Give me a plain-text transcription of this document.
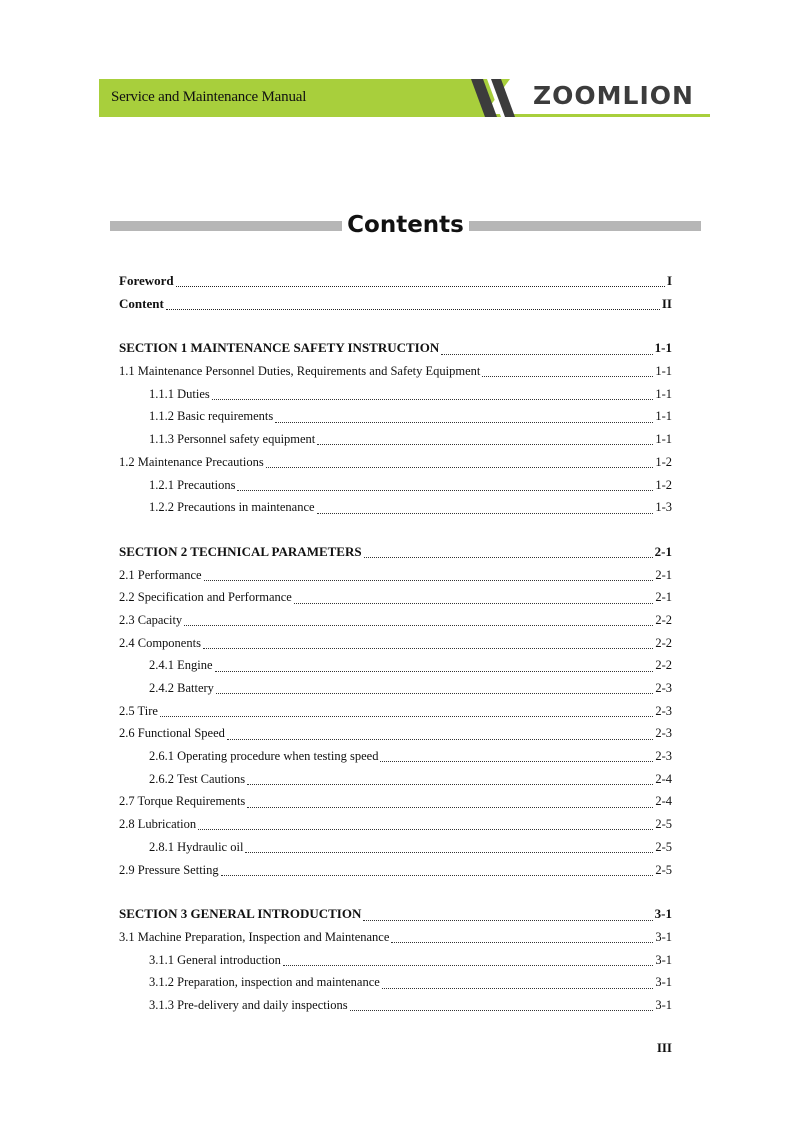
Service and Maintenance Manual	ZOOMLION
Contents
Foreword	I
Content	II
SECTION 1 MAINTENANCE SAFETY INSTRUCTION	1-1
1.1 Maintenance Personnel Duties, Requirements and Safety Equipment	1-1
1.1.1 Duties	1-1
1.1.2 Basic requirements	1-1
1.1.3 Personnel safety equipment	1-1
1.2 Maintenance Precautions	1-2
1.2.1 Precautions	1-2
1.2.2 Precautions in maintenance	1-3
SECTION 2 TECHNICAL PARAMETERS	2-1
2.1 Performance	2-1
2.2 Specification and Performance	2-1
2.3 Capacity	2-2
2.4 Components	2-2
2.4.1 Engine	2-2
2.4.2 Battery	2-3
2.5 Tire	2-3
2.6 Functional Speed	2-3
2.6.1 Operating procedure when testing speed	2-3
2.6.2 Test Cautions	2-4
2.7 Torque Requirements	2-4
2.8 Lubrication	2-5
2.8.1 Hydraulic oil	2-5
2.9 Pressure Setting	2-5
SECTION 3 GENERAL INTRODUCTION	3-1
3.1 Machine Preparation, Inspection and Maintenance	3-1
3.1.1 General introduction	3-1
3.1.2 Preparation, inspection and maintenance	3-1
3.1.3 Pre-delivery and daily inspections	3-1
III
